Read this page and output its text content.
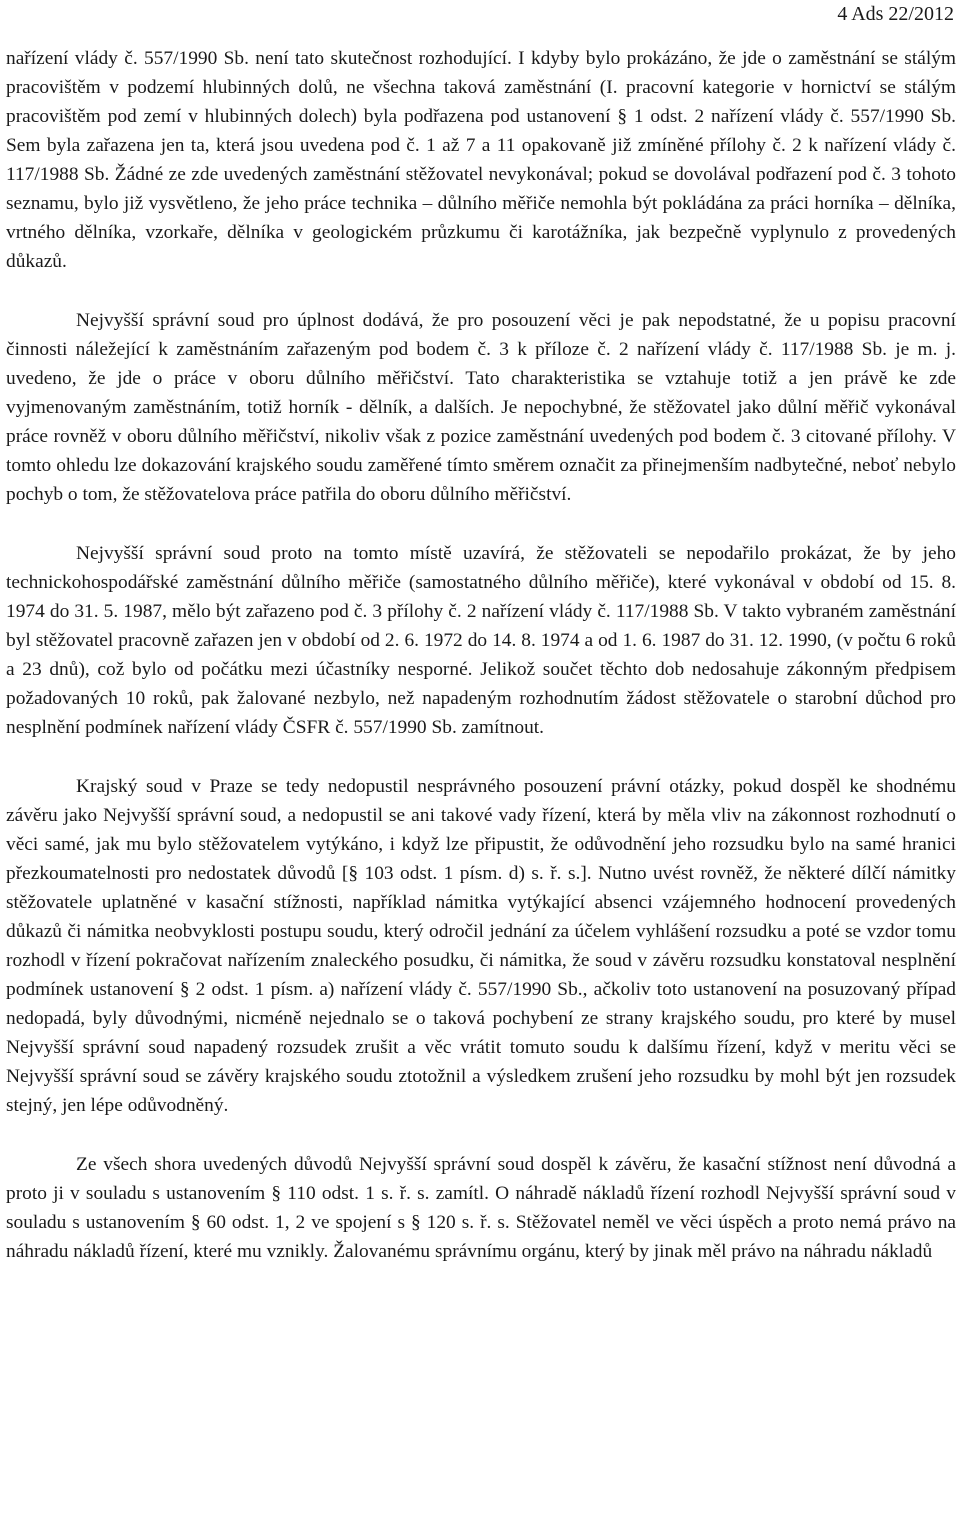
4 Ads 22/2012

nařízení vlády č. 557/1990 Sb. není tato skutečnost rozhodující. I kdyby bylo prokázáno, že jde o zaměstnání se stálým pracovištěm v podzemí hlubinných dolů, ne všechna taková zaměstnání (I. pracovní kategorie v hornictví se stálým pracovištěm pod zemí v hlubinných dolech) byla podřazena pod ustanovení § 1 odst. 2 nařízení vlády č. 557/1990 Sb. Sem byla zařazena jen ta, která jsou uvedena pod č. 1 až 7 a 11 opakovaně již zmíněné přílohy č. 2 k nařízení vlády č. 117/1988 Sb. Žádné ze zde uvedených zaměstnání stěžovatel nevykonával; pokud se dovolával podřazení pod č. 3 tohoto seznamu, bylo již vysvětleno, že jeho práce technika – důlního měřiče nemohla být pokládána za práci horníka – dělníka, vrtného dělníka, vzorkaře, dělníka v geologickém průzkumu či karotážníka, jak bezpečně vyplynulo z provedených důkazů.

Nejvyšší správní soud pro úplnost dodává, že pro posouzení věci je pak nepodstatné, že u popisu pracovní činnosti náležející k zaměstnáním zařazeným pod bodem č. 3 k příloze č. 2 nařízení vlády č. 117/1988 Sb. je m. j. uvedeno, že jde o práce v oboru důlního měřičství. Tato charakteristika se vztahuje totiž a jen právě ke zde vyjmenovaným zaměstnáním, totiž horník - dělník, a dalších. Je nepochybné, že stěžovatel jako důlní měřič vykonával práce rovněž v oboru důlního měřičství, nikoliv však z pozice zaměstnání uvedených pod bodem č. 3 citované přílohy. V tomto ohledu lze dokazování krajského soudu zaměřené tímto směrem označit za přinejmenším nadbytečné, neboť nebylo pochyb o tom, že stěžovatelova práce patřila do oboru důlního měřičství.

Nejvyšší správní soud proto na tomto místě uzavírá, že stěžovateli se nepodařilo prokázat, že by jeho technickohospodářské zaměstnání důlního měřiče (samostatného důlního měřiče), které vykonával v období od 15. 8. 1974 do 31. 5. 1987, mělo být zařazeno pod č. 3 přílohy č. 2 nařízení vlády č. 117/1988 Sb. V takto vybraném zaměstnání byl stěžovatel pracovně zařazen jen v období od 2. 6. 1972 do 14. 8. 1974 a od 1. 6. 1987 do 31. 12. 1990, (v počtu 6 roků a 23 dnů), což bylo od počátku mezi účastníky nesporné. Jelikož součet těchto dob nedosahuje zákonným předpisem požadovaných 10 roků, pak žalované nezbylo, než napadeným rozhodnutím žádost stěžovatele o starobní důchod pro nesplnění podmínek nařízení vlády ČSFR č. 557/1990 Sb. zamítnout.

Krajský soud v Praze se tedy nedopustil nesprávného posouzení právní otázky, pokud dospěl ke shodnému závěru jako Nejvyšší správní soud, a nedopustil se ani takové vady řízení, která by měla vliv na zákonnost rozhodnutí o věci samé, jak mu bylo stěžovatelem vytýkáno, i když lze připustit, že odůvodnění jeho rozsudku bylo na samé hranici přezkoumatelnosti pro nedostatek důvodů [§ 103 odst. 1 písm. d) s. ř. s.]. Nutno uvést rovněž, že některé dílčí námitky stěžovatele uplatněné v kasační stížnosti, například námitka vytýkající absenci vzájemného hodnocení provedených důkazů či námitka neobvyklosti postupu soudu, který odročil jednání za účelem vyhlášení rozsudku a poté se vzdor tomu rozhodl v řízení pokračovat nařízením znaleckého posudku, či námitka, že soud v závěru rozsudku konstatoval nesplnění podmínek ustanovení § 2 odst. 1 písm. a) nařízení vlády č. 557/1990 Sb., ačkoliv toto ustanovení na posuzovaný případ nedopadá, byly důvodnými, nicméně nejednalo se o taková pochybení ze strany krajského soudu, pro které by musel Nejvyšší správní soud napadený rozsudek zrušit a věc vrátit tomuto soudu k dalšímu řízení, když v meritu věci se Nejvyšší správní soud se závěry krajského soudu ztotožnil a výsledkem zrušení jeho rozsudku by mohl být jen rozsudek stejný, jen lépe odůvodněný.

Ze všech shora uvedených důvodů Nejvyšší správní soud dospěl k závěru, že kasační stížnost není důvodná a proto ji v souladu s ustanovením § 110 odst. 1 s. ř. s. zamítl. O náhradě nákladů řízení rozhodl Nejvyšší správní soud v souladu s ustanovením § 60 odst. 1, 2 ve spojení s § 120 s. ř. s. Stěžovatel neměl ve věci úspěch a proto nemá právo na náhradu nákladů řízení, které mu vznikly. Žalovanému správnímu orgánu, který by jinak měl právo na náhradu nákladů
